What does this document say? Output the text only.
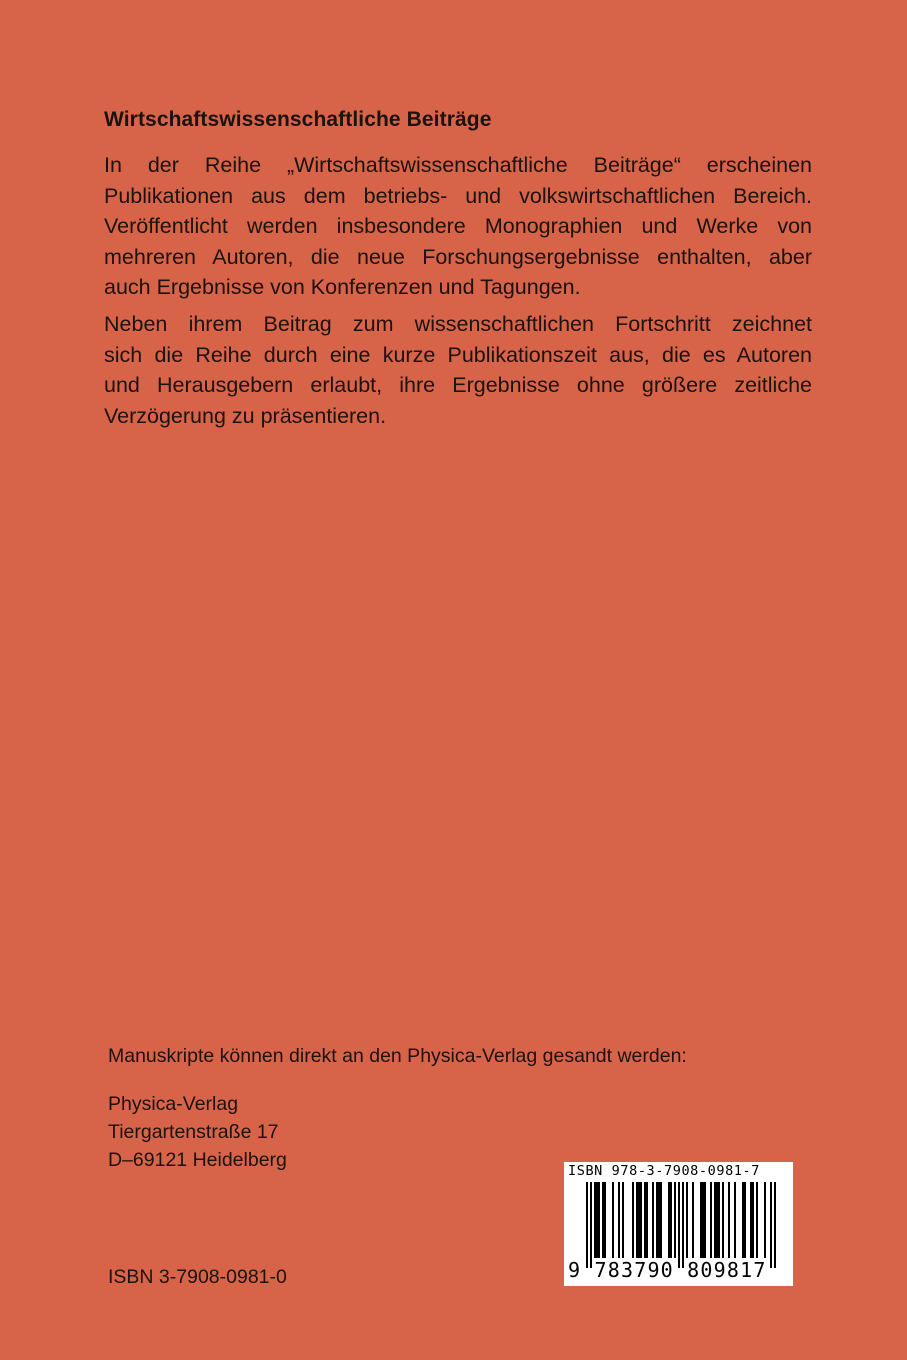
Wirtschaftswissenschaftliche Beiträge

In der Reihe „Wirtschaftswissenschaftliche Beiträge“ erscheinen
Publikationen aus dem betriebs- und volkswirtschaftlichen Bereich.
Veröffentlicht werden insbesondere Monographien und Werke von
mehreren Autoren, die neue Forschungsergebnisse enthalten, aber
auch Ergebnisse von Konferenzen und Tagungen.

Neben ihrem Beitrag zum wissenschaftlichen Fortschritt zeichnet
sich die Reihe durch eine kurze Publikationszeit aus, die es Autoren
und Herausgebern erlaubt, ihre Ergebnisse ohne größere zeitliche
Verzögerung zu präsentieren.

Manuskripte können direkt an den Physica-Verlag gesandt werden:
Physica-Verlag
Tiergartenstraße 17
D–69121 Heidelberg
ISBN 3-7908-0981-0
ISBN 978-3-7908-0981-7
9 783790 809817
